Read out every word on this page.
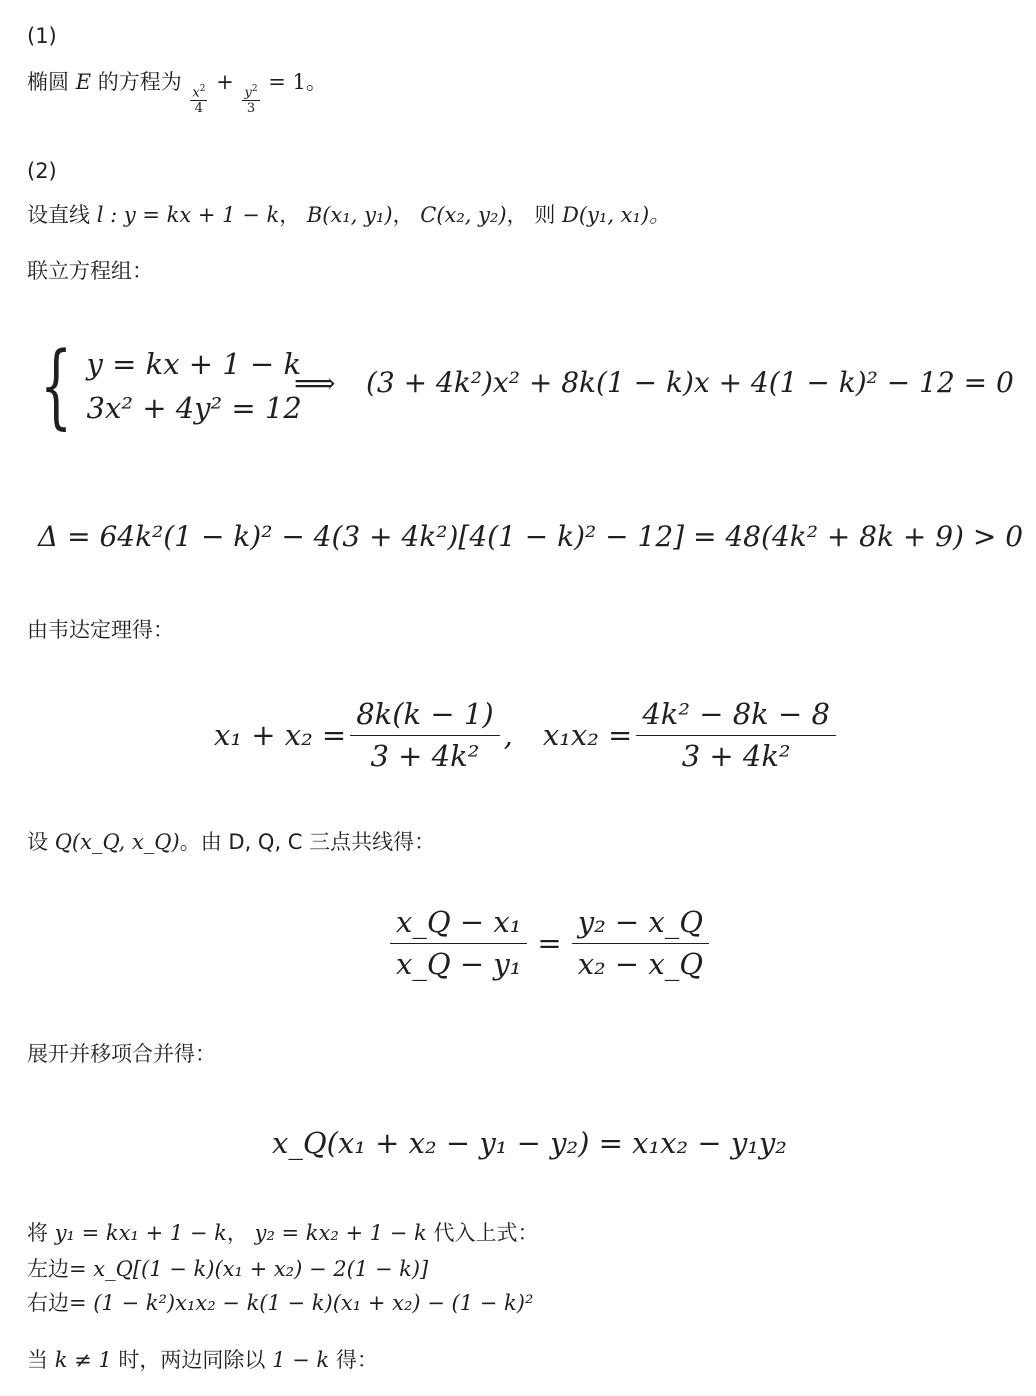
(1)
椭圆 E 的方程为
$\frac{x^2}{4}$
+
$\frac{y^2}{3}$
= 1。
(2)
设直线 l : y = kx + 1 − k， B(x₁, y₁)， C(x₂, y₂)， 则 D(y₁, x₁)。
联立方程组：
{ y = kx + 1 − k
3x² + 4y² = 12
⟹ (3 + 4k²)x² + 8k(1 − k)x + 4(1 − k)² − 12 = 0
Δ = 64k²(1 − k)² − 4(3 + 4k²)[4(1 − k)² − 12] = 48(4k² + 8k + 9) > 0
由韦达定理得：
$x_1 + x_2 = \frac{8k(k - 1)}{\text{3 + 4k²}}$ , $x_1x_2 = \frac{\text{4k² − 8k − 8}}{\text{3 + 4k²}}$
设 Q(x_Q, x_Q)。由 D, Q, C 三点共线得：
$\frac{\text{x\_Q − x₁}}{\text{x\_Q − y₁}} = \frac{\text{y₂ − x\_Q}}{\text{x₂ − x\_Q}}$
展开并移项合并得：
x_Q(x₁ + x₂ − y₁ − y₂) = x₁x₂ − y₁y₂
将 y₁ = kx₁ + 1 − k， y₂ = kx₂ + 1 − k 代入上式：
左边= x_Q[(1 − k)(x₁ + x₂) − 2(1 − k)]
右边= (1 − k²)x₁x₂ − k(1 − k)(x₁ + x₂) − (1 − k)²
当 k ≠ 1 时，两边同除以 1 − k 得：
